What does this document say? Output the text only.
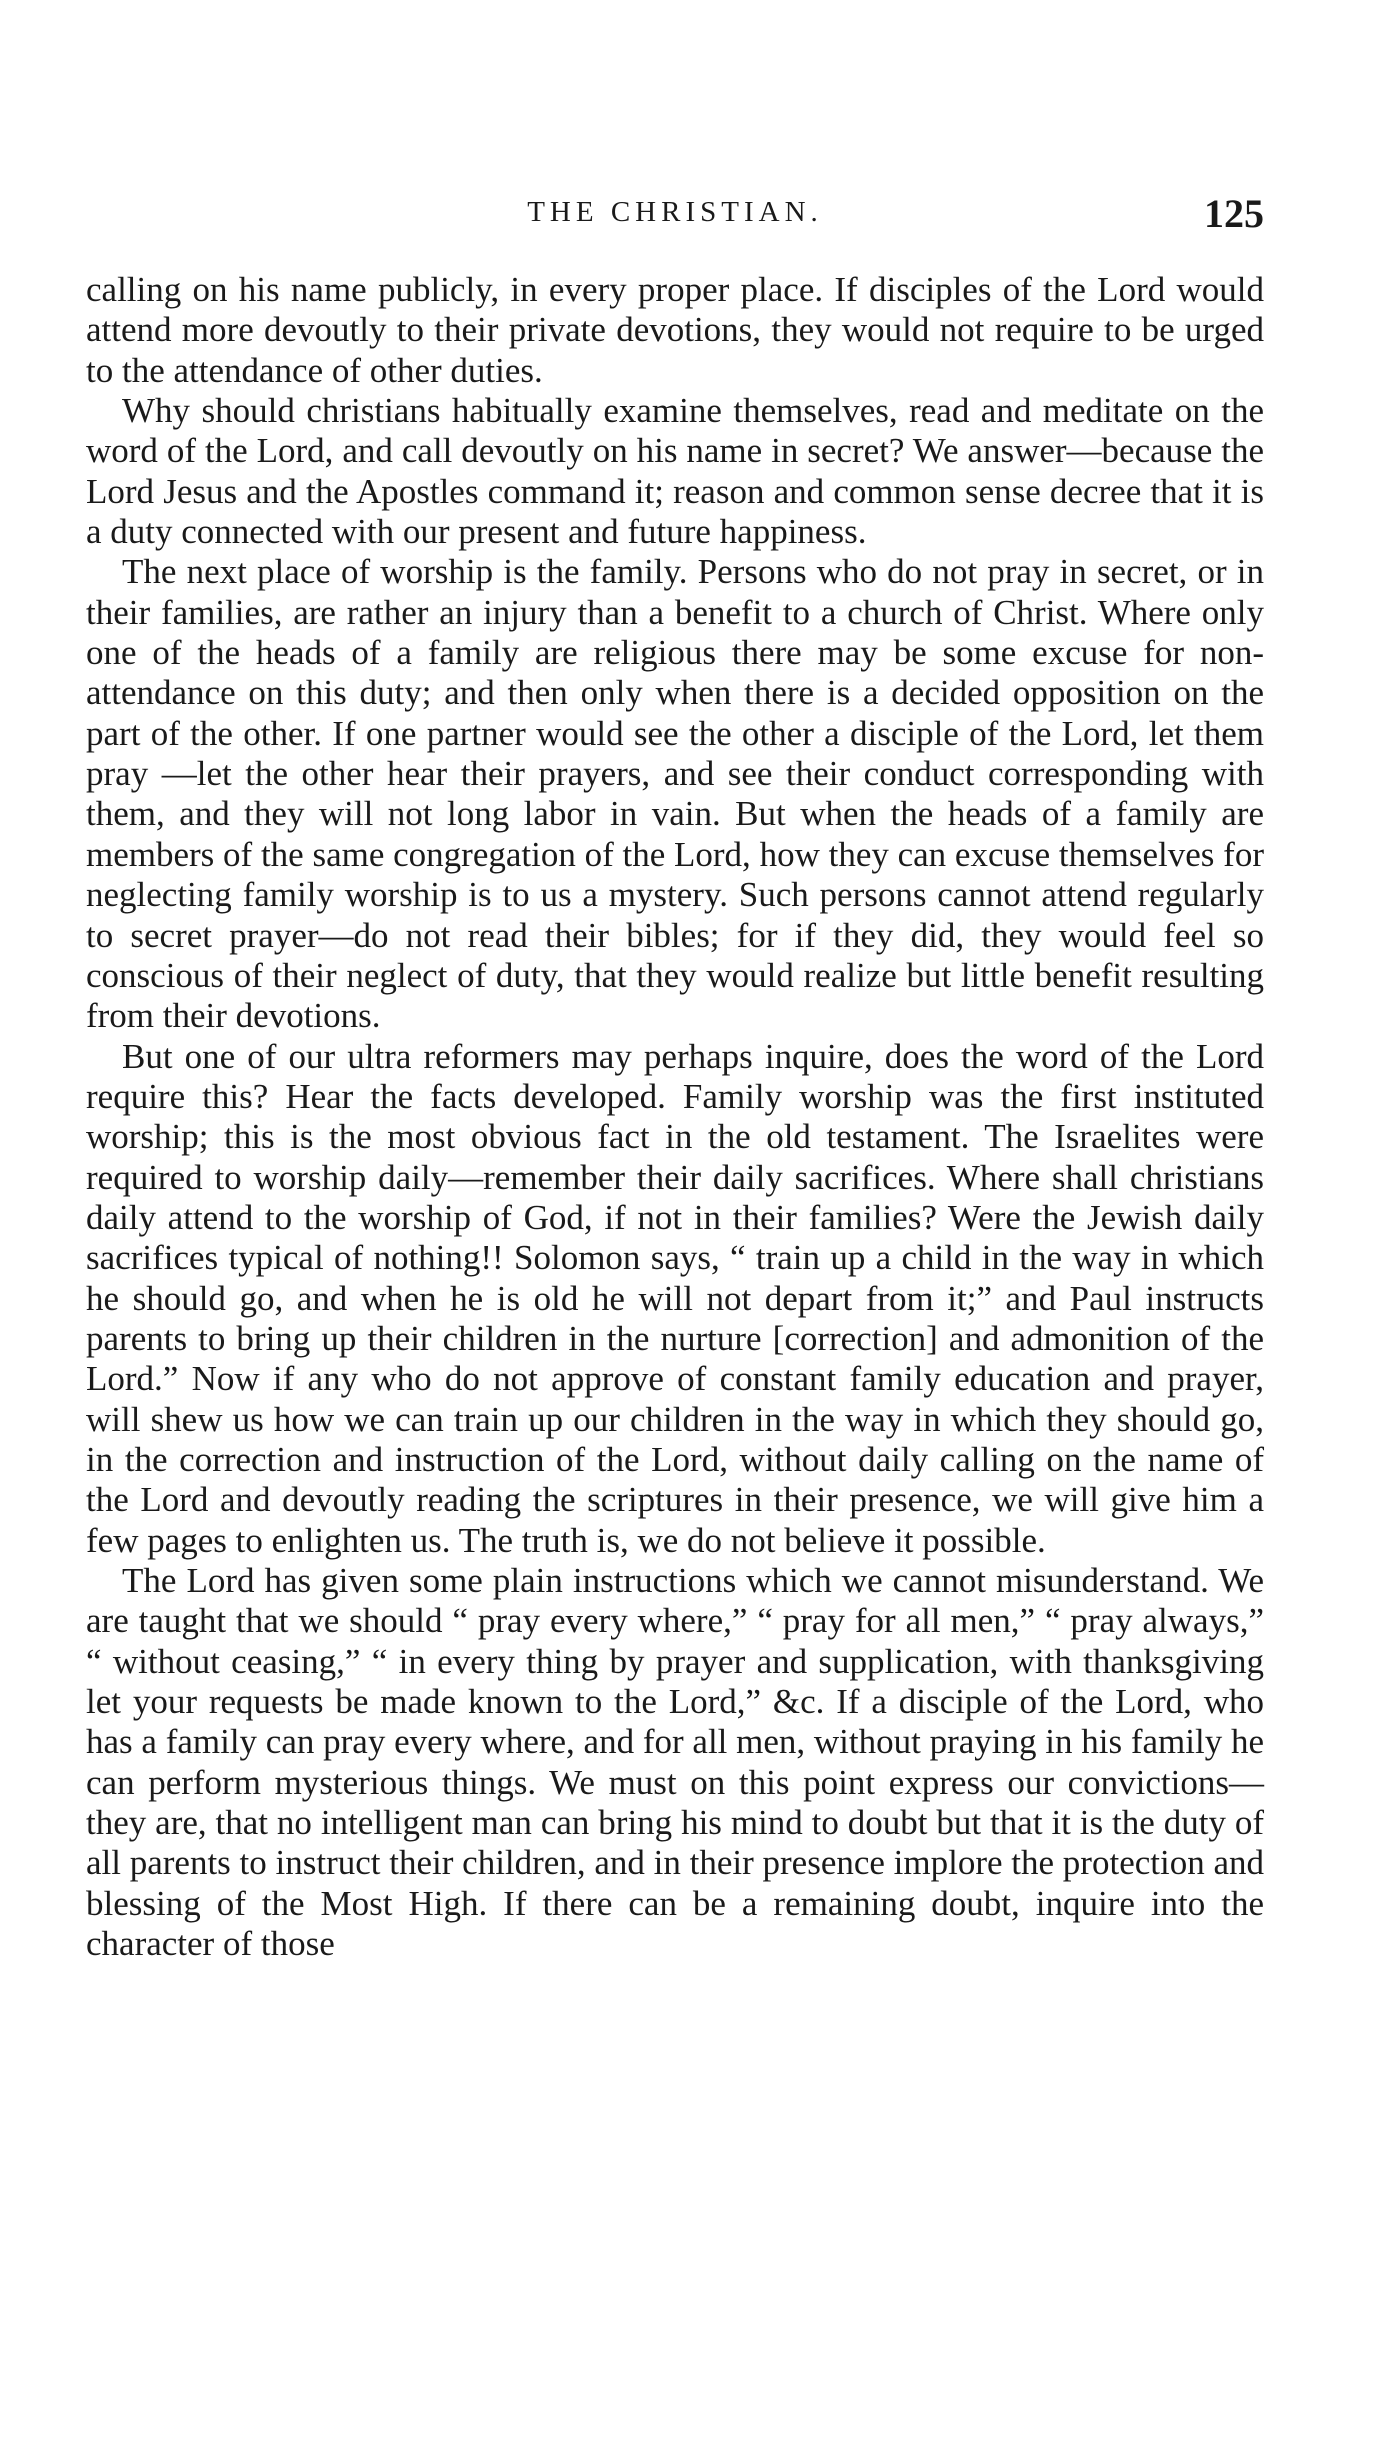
THE CHRISTIAN.	125

calling on his name publicly, in every proper place. If disciples of the Lord would attend more devoutly to their private devotions, they would not require to be urged to the attendance of other duties.

Why should christians habitually examine themselves, read and meditate on the word of the Lord, and call devoutly on his name in secret? We answer—because the Lord Jesus and the Apostles command it; reason and common sense decree that it is a duty connected with our present and future happiness.

The next place of worship is the family. Persons who do not pray in secret, or in their families, are rather an injury than a benefit to a church of Christ. Where only one of the heads of a family are religious there may be some excuse for non-attendance on this duty; and then only when there is a decided opposition on the part of the other. If one partner would see the other a disciple of the Lord, let them pray —let the other hear their prayers, and see their conduct corresponding with them, and they will not long labor in vain. But when the heads of a family are members of the same congregation of the Lord, how they can excuse themselves for neglecting family worship is to us a mystery. Such persons cannot attend regularly to secret prayer—do not read their bibles; for if they did, they would feel so conscious of their neglect of duty, that they would realize but little benefit resulting from their devotions.

But one of our ultra reformers may perhaps inquire, does the word of the Lord require this? Hear the facts developed. Family worship was the first instituted worship; this is the most obvious fact in the old testament. The Israelites were required to worship daily—remember their daily sacrifices. Where shall christians daily attend to the worship of God, if not in their families? Were the Jewish daily sacrifices typical of nothing!! Solomon says, “ train up a child in the way in which he should go, and when he is old he will not depart from it;” and Paul instructs parents to bring up their children in the nurture [correction] and admonition of the Lord.” Now if any who do not approve of constant family education and prayer, will shew us how we can train up our children in the way in which they should go, in the correction and instruction of the Lord, without daily calling on the name of the Lord and devoutly reading the scriptures in their presence, we will give him a few pages to enlighten us. The truth is, we do not believe it possible.

The Lord has given some plain instructions which we cannot misunderstand. We are taught that we should “ pray every where,” “ pray for all men,” “ pray always,” “ without ceasing,” “ in every thing by prayer and supplication, with thanksgiving let your requests be made known to the Lord,” &c. If a disciple of the Lord, who has a family can pray every where, and for all men, without praying in his family he can perform mysterious things. We must on this point express our convictions—they are, that no intelligent man can bring his mind to doubt but that it is the duty of all parents to instruct their children, and in their presence implore the protection and blessing of the Most High. If there can be a remaining doubt, inquire into the character of those
